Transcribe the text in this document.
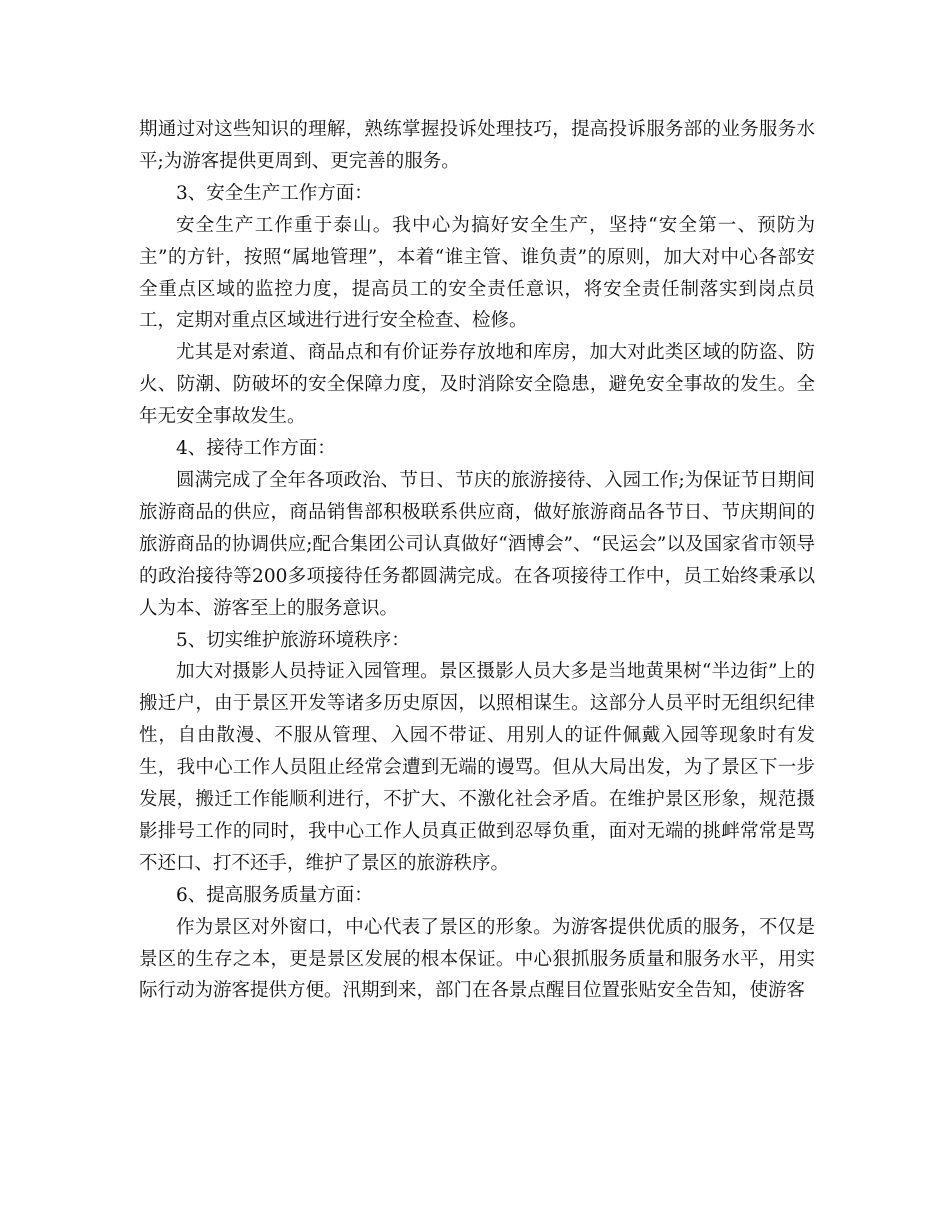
期通过对这些知识的理解，熟练掌握投诉处理技巧，提高投诉服务部的业务服务水平;为游客提供更周到、更完善的服务。

3、安全生产工作方面：

安全生产工作重于泰山。我中心为搞好安全生产，坚持“安全第一、预防为主”的方针，按照“属地管理”，本着“谁主管、谁负责”的原则，加大对中心各部安全重点区域的监控力度，提高员工的安全责任意识，将安全责任制落实到岗点员工，定期对重点区域进行进行安全检查、检修。

尤其是对索道、商品点和有价证券存放地和库房，加大对此类区域的防盗、防火、防潮、防破坏的安全保障力度，及时消除安全隐患，避免安全事故的发生。全年无安全事故发生。

4、接待工作方面：

圆满完成了全年各项政治、节日、节庆的旅游接待、入园工作;为保证节日期间旅游商品的供应，商品销售部积极联系供应商，做好旅游商品各节日、节庆期间的旅游商品的协调供应;配合集团公司认真做好“酒博会”、“民运会”以及国家省市领导的政治接待等200多项接待任务都圆满完成。在各项接待工作中，员工始终秉承以人为本、游客至上的服务意识。

5、切实维护旅游环境秩序：

加大对摄影人员持证入园管理。景区摄影人员大多是当地黄果树“半边街”上的搬迁户，由于景区开发等诸多历史原因，以照相谋生。这部分人员平时无组织纪律性，自由散漫、不服从管理、入园不带证、用别人的证件佩戴入园等现象时有发生，我中心工作人员阻止经常会遭到无端的谩骂。但从大局出发，为了景区下一步发展，搬迁工作能顺利进行，不扩大、不激化社会矛盾。在维护景区形象，规范摄影排号工作的同时，我中心工作人员真正做到忍辱负重，面对无端的挑衅常常是骂不还口、打不还手，维护了景区的旅游秩序。

6、提高服务质量方面：

作为景区对外窗口，中心代表了景区的形象。为游客提供优质的服务，不仅是景区的生存之本，更是景区发展的根本保证。中心狠抓服务质量和服务水平，用实际行动为游客提供方便。汛期到来，部门在各景点醒目位置张贴安全告知，使游客
